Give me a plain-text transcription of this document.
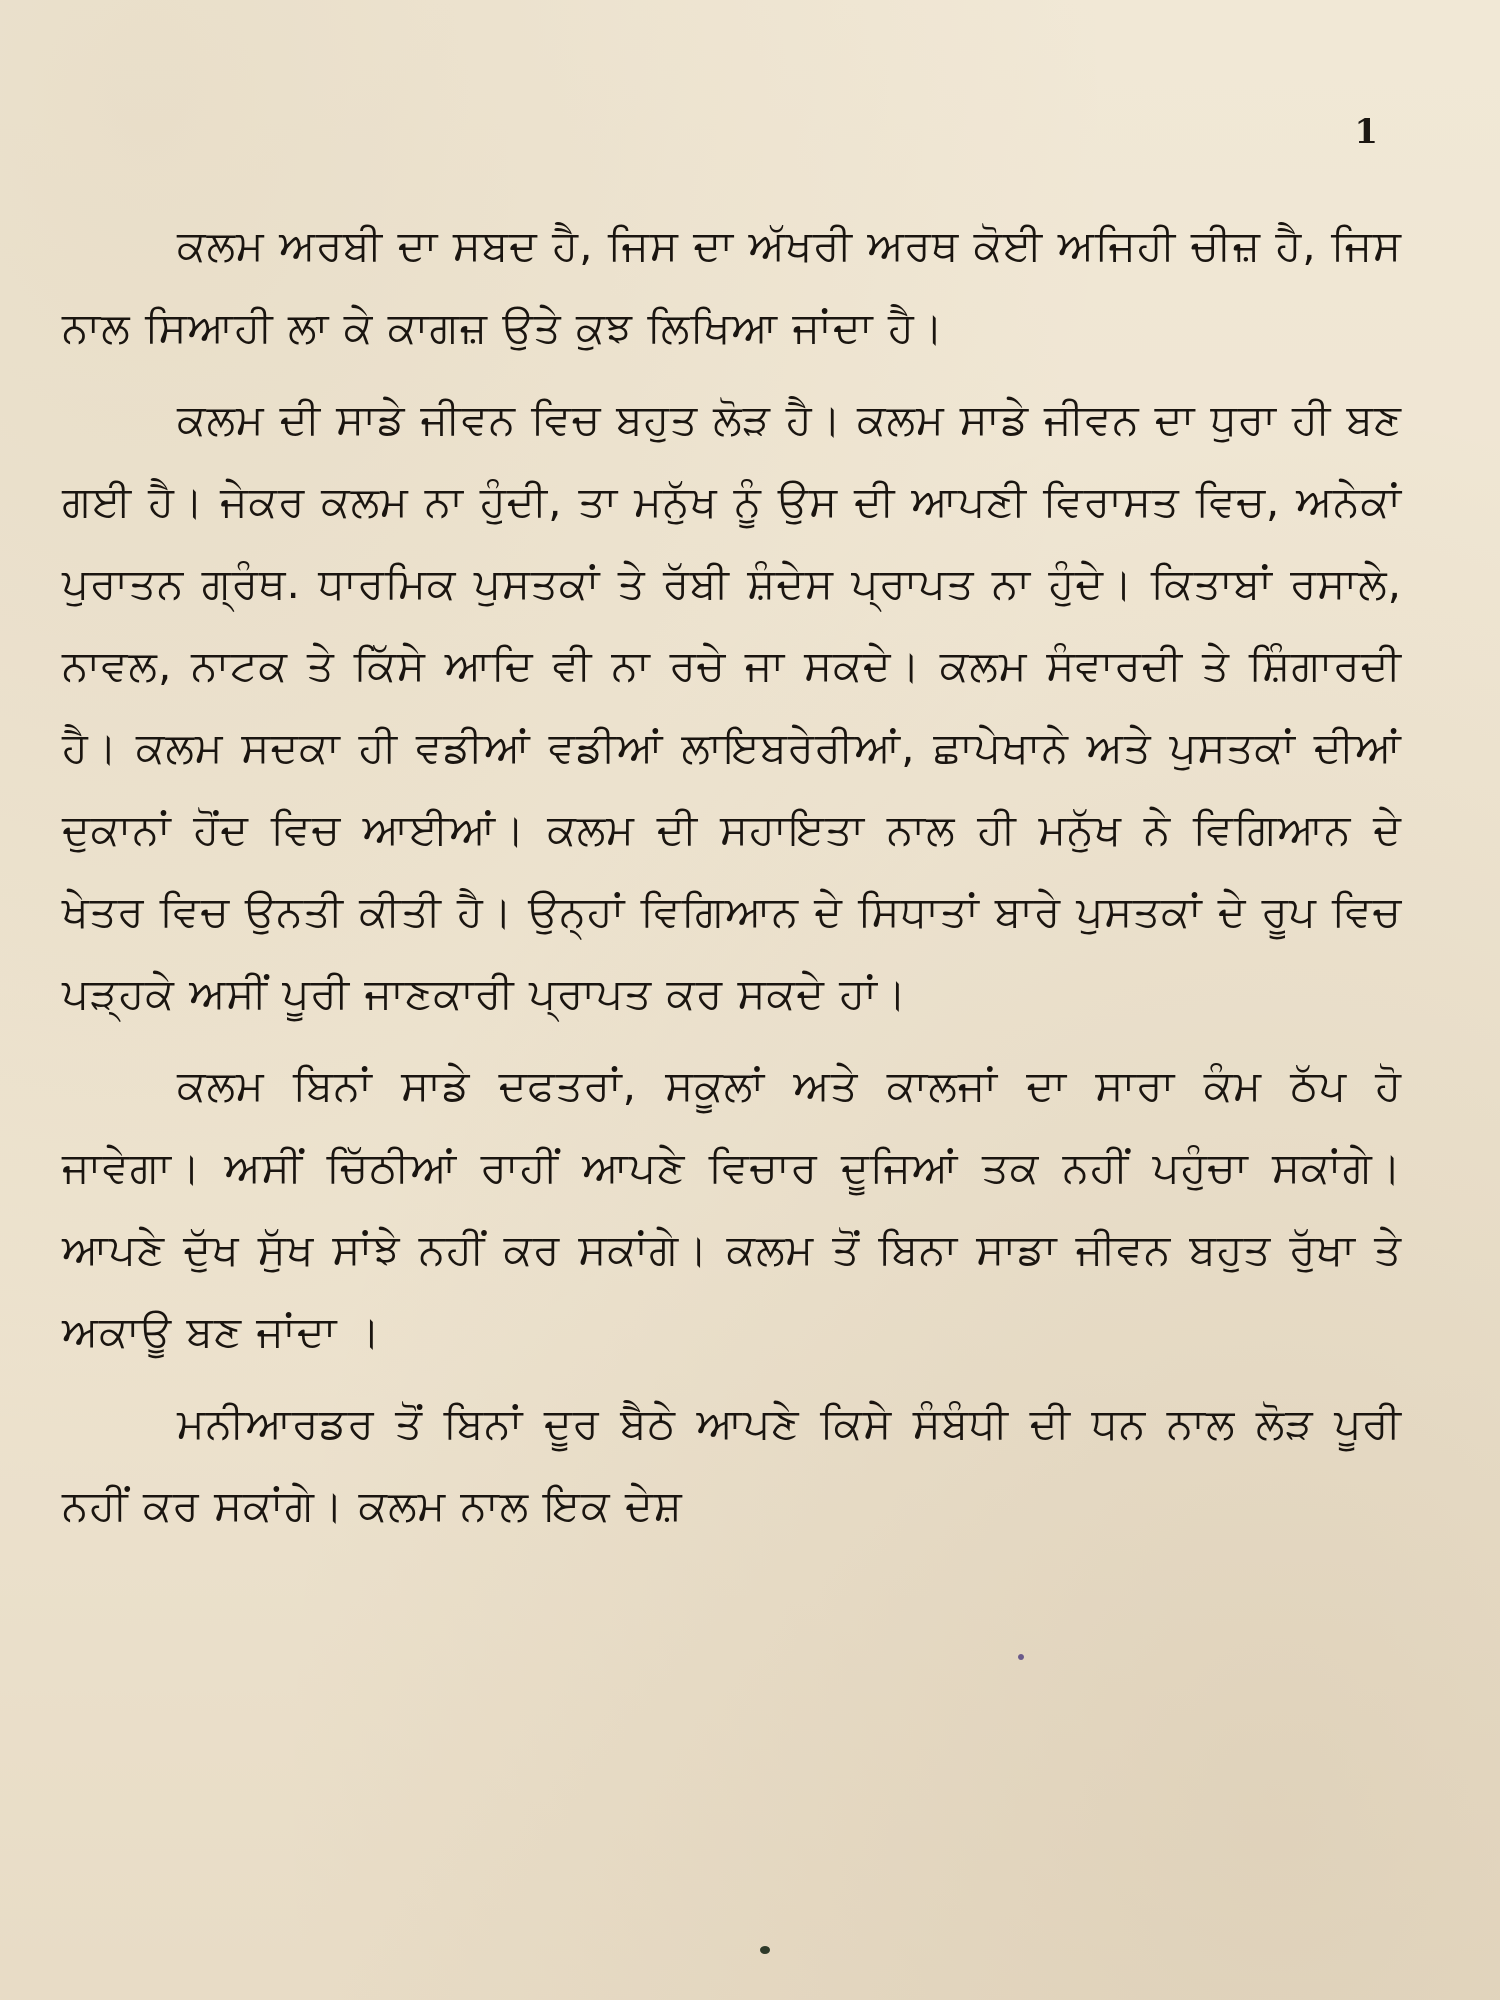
1

ਕਲਮ ਅਰਬੀ ਦਾ ਸਬਦ ਹੈ, ਜਿਸ ਦਾ ਅੱਖਰੀ ਅਰਥ ਕੋਈ ਅਜਿਹੀ ਚੀਜ਼ ਹੈ, ਜਿਸ ਨਾਲ ਸਿਆਹੀ ਲਾ ਕੇ ਕਾਗਜ਼ ਉਤੇ ਕੁਝ ਲਿਖਿਆ ਜਾਂਦਾ ਹੈ।

ਕਲਮ ਦੀ ਸਾਡੇ ਜੀਵਨ ਵਿਚ ਬਹੁਤ ਲੋੜ ਹੈ। ਕਲਮ ਸਾਡੇ ਜੀਵਨ ਦਾ ਧੁਰਾ ਹੀ ਬਣ ਗਈ ਹੈ। ਜੇਕਰ ਕਲਮ ਨਾ ਹੁੰਦੀ, ਤਾ ਮਨੁੱਖ ਨੂੰ ਉਸ ਦੀ ਆਪਣੀ ਵਿਰਾਸਤ ਵਿਚ, ਅਨੇਕਾਂ ਪੁਰਾਤਨ ਗ੍ਰੰਥ. ਧਾਰਮਿਕ ਪੁਸਤਕਾਂ ਤੇ ਰੱਬੀ ਸ਼ੰਦੇਸ ਪ੍ਰਾਪਤ ਨਾ ਹੁੰਦੇ। ਕਿਤਾਬਾਂ ਰਸਾਲੇ, ਨਾਵਲ, ਨਾਟਕ ਤੇ ਕਿੱਸੇ ਆਦਿ ਵੀ ਨਾ ਰਚੇ ਜਾ ਸਕਦੇ। ਕਲਮ ਸੰਵਾਰਦੀ ਤੇ ਸ਼ਿੰਗਾਰਦੀ ਹੈ। ਕਲਮ ਸਦਕਾ ਹੀ ਵਡੀਆਂ ਵਡੀਆਂ ਲਾਇਬਰੇਰੀਆਂ, ਛਾਪੇਖਾਨੇ ਅਤੇ ਪੁਸਤਕਾਂ ਦੀਆਂ ਦੁਕਾਨਾਂ ਹੋਂਦ ਵਿਚ ਆਈਆਂ। ਕਲਮ ਦੀ ਸਹਾਇਤਾ ਨਾਲ ਹੀ ਮਨੁੱਖ ਨੇ ਵਿਗਿਆਨ ਦੇ ਖੇਤਰ ਵਿਚ ਉਨਤੀ ਕੀਤੀ ਹੈ। ਉਨ੍ਹਾਂ ਵਿਗਿਆਨ ਦੇ ਸਿਧਾਤਾਂ ਬਾਰੇ ਪੁਸਤਕਾਂ ਦੇ ਰੂਪ ਵਿਚ ਪੜ੍ਹਕੇ ਅਸੀਂ ਪੂਰੀ ਜਾਣਕਾਰੀ ਪ੍ਰਾਪਤ ਕਰ ਸਕਦੇ ਹਾਂ।

ਕਲਮ ਬਿਨਾਂ ਸਾਡੇ ਦਫਤਰਾਂ, ਸਕੂਲਾਂ ਅਤੇ ਕਾਲਜਾਂ ਦਾ ਸਾਰਾ ਕੰਮ ਠੱਪ ਹੋ ਜਾਵੇਗਾ। ਅਸੀਂ ਚਿੱਠੀਆਂ ਰਾਹੀਂ ਆਪਣੇ ਵਿਚਾਰ ਦੂਜਿਆਂ ਤਕ ਨਹੀਂ ਪਹੁੰਚਾ ਸਕਾਂਗੇ। ਆਪਣੇ ਦੁੱਖ ਸੁੱਖ ਸਾਂਝੇ ਨਹੀਂ ਕਰ ਸਕਾਂਗੇ। ਕਲਮ ਤੋਂ ਬਿਨਾ ਸਾਡਾ ਜੀਵਨ ਬਹੁਤ ਰੁੱਖਾ ਤੇ ਅਕਾਊ ਬਣ ਜਾਂਦਾ ।

ਮਨੀਆਰਡਰ ਤੋਂ ਬਿਨਾਂ ਦੂਰ ਬੈਠੇ ਆਪਣੇ ਕਿਸੇ ਸੰਬੰਧੀ ਦੀ ਧਨ ਨਾਲ ਲੋੜ ਪੂਰੀ ਨਹੀਂ ਕਰ ਸਕਾਂਗੇ। ਕਲਮ ਨਾਲ ਇਕ ਦੇਸ਼
